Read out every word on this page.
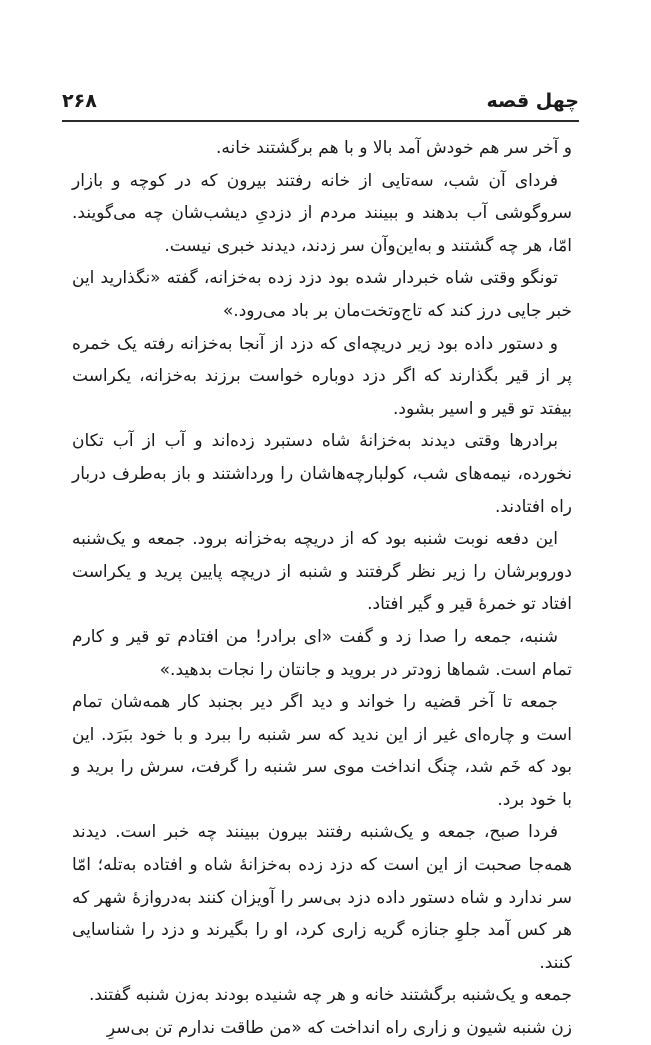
۲۶۸	چهل قصه

و آخر سر هم خودش آمد بالا و با هم برگشتند خانه.

فردای آن شب، سه‌تایی از خانه رفتند بیرون که در کوچه و بازار سروگوشی آب بدهند و ببینند مردم از دزدیِ دیشب‌شان چه می‌گویند. امّا، هر چه گشتند و به‌این‌وآن سر زدند، دیدند خبری نیست.

تونگو وقتی شاه خبردار شده بود دزد زده به‌خزانه، گفته «نگذارید این خبر جایی درز کند که تاج‌وتخت‌مان بر باد می‌رود.»

و دستور داده بود زیر دریچه‌ای که دزد از آنجا به‌خزانه رفته یک خمره پر از قیر بگذارند که اگر دزد دوباره خواست برزند به‌خزانه، یکراست بیفتد تو قیر و اسیر بشود.

برادرها وقتی دیدند به‌خزانهٔ شاه دستبرد زده‌اند و آب از آب تکان نخورده، نیمه‌های شب، کولبارچه‌هاشان را ورداشتند و باز به‌طرف دربار راه افتادند.

این دفعه نوبت شنبه بود که از دریچه به‌خزانه برود. جمعه و یک‌شنبه دوروبرشان را زیر نظر گرفتند و شنبه از دریچه پایین پرید و یکراست افتاد تو خمرهٔ قیر و گیر افتاد.

شنبه، جمعه را صدا زد و گفت «ای برادر! من افتادم تو قیر و کارم تمام است. شماها زودتر در بروید و جانتان را نجات بدهید.»

جمعه تا آخر قضیه را خواند و دید اگر دیر بجنبد کار همه‌شان تمام است و چاره‌ای غیر از این ندید که سر شنبه را ببرد و با خود ببَرَد. این بود که خَم شد، چنگ انداخت موی سر شنبه را گرفت، سرش را برید و با خود برد.

فردا صبح، جمعه و یک‌شنبه رفتند بیرون ببینند چه خبر است. دیدند همه‌جا صحبت از این است که دزد زده به‌خزانهٔ شاه و افتاده به‌تله؛ امّا سر ندارد و شاه دستور داده دزد بی‌سر را آویزان کنند به‌دروازهٔ شهر که هر کس آمد جلوِ جنازه گریه زاری کرد، او را بگیرند و دزد را شناسایی کنند.

جمعه و یک‌شنبه برگشتند خانه و هر چه شنیده بودند به‌زن شنبه گفتند.

زن شنبه شیون و زاری راه انداخت که «من طاقت ندارم تن بی‌سرِ
